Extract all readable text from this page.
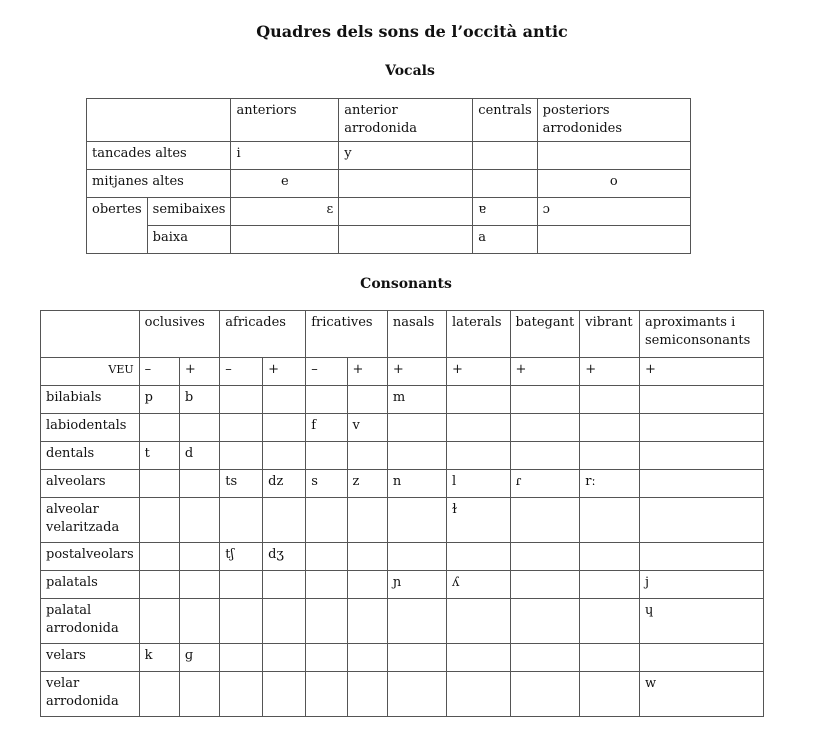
Quadres dels sons de l’occità antic
Vocals
		anteriors	anterior arrodonida	centrals	posteriors arrodonides
tancades altes		i	y		
mitjanes altes		e			o
obertes	semibaixes	ɛ		ɐ	ɔ
	baixa			a	
Consonants
	oclusives		africades		fricatives		nasals	laterals	bategant	vibrant	aproximants i semiconsonants
VEU	–	+	–	+	–	+	+	+	+	+	+
bilabials	p	b					m				
labiodentals					f	v					
dentals	t	d									
alveolars			ts	dz	s	z	n	l	ɾ	rː	
alveolar velaritzada								ɫ			
postalveolars			tʃ	dʒ							
palatals							ɲ	ʎ			j
palatal arrodonida											ɥ
velars	k	ɡ									
velar arrodonida											w
